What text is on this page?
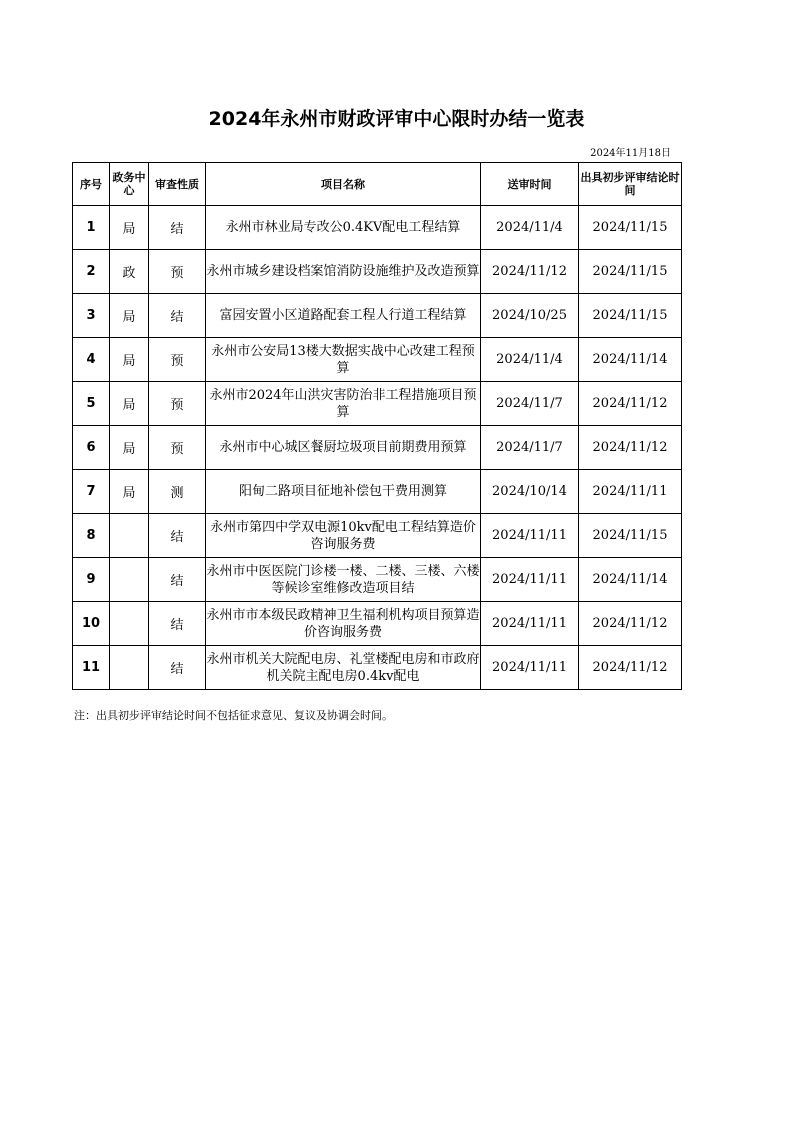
2024年永州市财政评审中心限时办结一览表
2024年11月18日
序号	政务中心	审查性质	项目名称	送审时间	出具初步评审结论时间
1	局	结	永州市林业局专改公0.4KV配电工程结算	2024/11/4	2024/11/15
2	政	预	永州市城乡建设档案馆消防设施维护及改造预算	2024/11/12	2024/11/15
3	局	结	富园安置小区道路配套工程人行道工程结算	2024/10/25	2024/11/15
4	局	预	永州市公安局13楼大数据实战中心改建工程预算	2024/11/4	2024/11/14
5	局	预	永州市2024年山洪灾害防治非工程措施项目预算	2024/11/7	2024/11/12
6	局	预	永州市中心城区餐厨垃圾项目前期费用预算	2024/11/7	2024/11/12
7	局	测	阳甸二路项目征地补偿包干费用测算	2024/10/14	2024/11/11
8		结	永州市第四中学双电源10kv配电工程结算造价咨询服务费	2024/11/11	2024/11/15
9		结	永州市中医医院门诊楼一楼、二楼、三楼、六楼等候诊室维修改造项目结	2024/11/11	2024/11/14
10		结	永州市市本级民政精神卫生福利机构项目预算造价咨询服务费	2024/11/11	2024/11/12
11		结	永州市机关大院配电房、礼堂楼配电房和市政府机关院主配电房0.4kv配电	2024/11/11	2024/11/12
注：出具初步评审结论时间不包括征求意见、复议及协调会时间。
